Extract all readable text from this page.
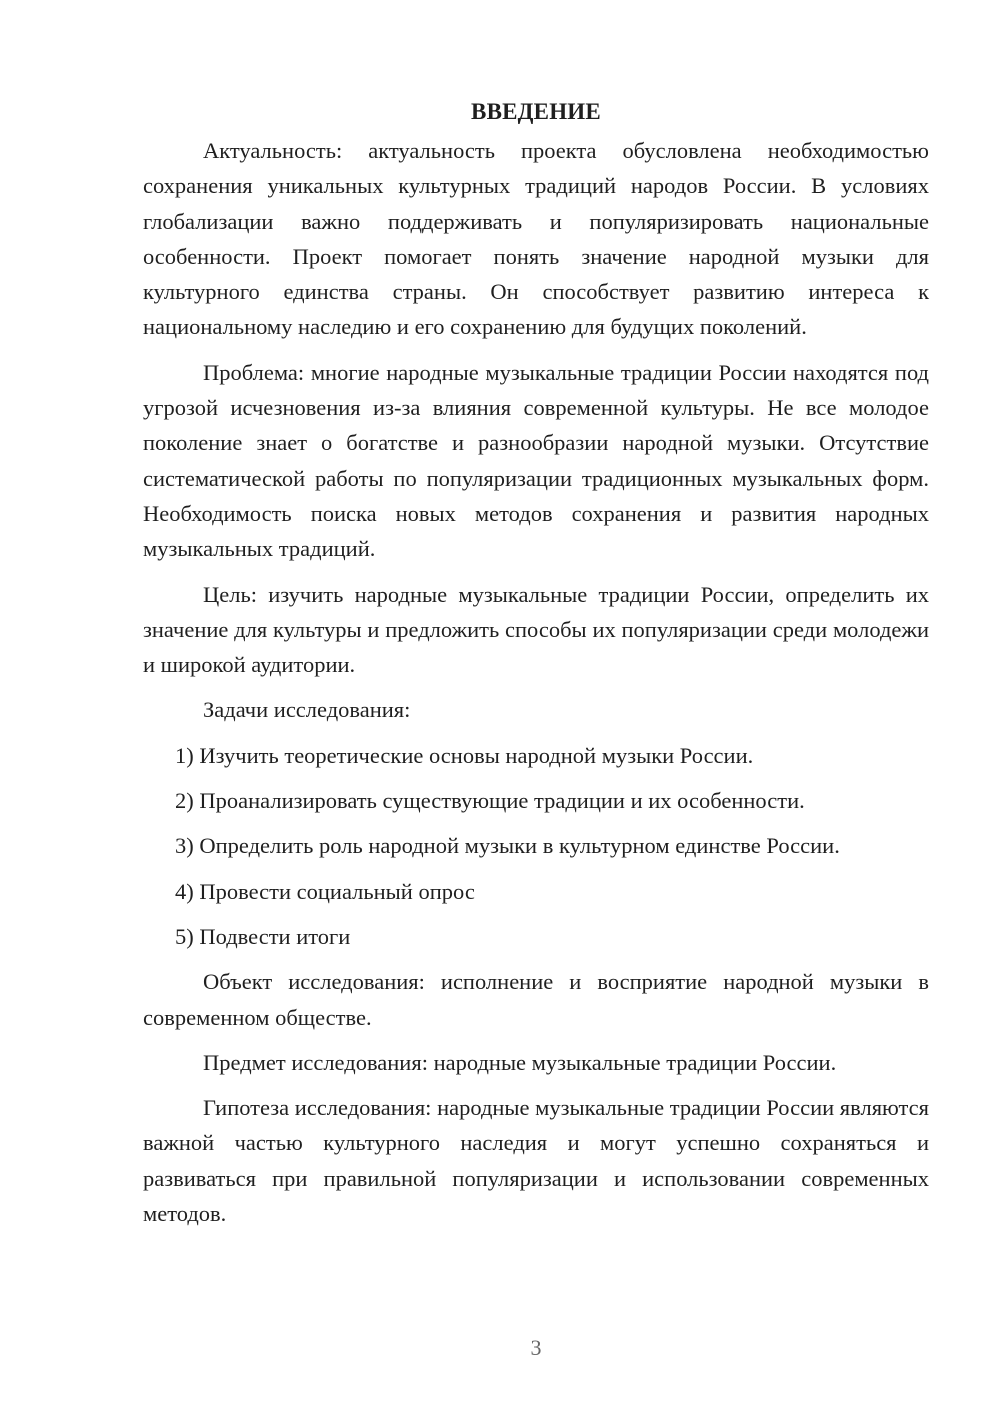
ВВЕДЕНИЕ

Актуальность: актуальность проекта обусловлена необходимостью сохранения уникальных культурных традиций народов России. В условиях глобализации важно поддерживать и популяризировать национальные особенности. Проект помогает понять значение народной музыки для культурного единства страны. Он способствует развитию интереса к национальному наследию и его сохранению для будущих поколений.

Проблема: многие народные музыкальные традиции России находятся под угрозой исчезновения из-за влияния современной культуры. Не все молодое поколение знает о богатстве и разнообразии народной музыки. Отсутствие систематической работы по популяризации традиционных музыкальных форм. Необходимость поиска новых методов сохранения и развития народных музыкальных традиций.

Цель: изучить народные музыкальные традиции России, определить их значение для культуры и предложить способы их популяризации среди молодежи и широкой аудитории.

Задачи исследования:

1 ) Изучить теоретические основы народной музыки России.
2 ) Проанализировать существующие традиции и их особенности.
3 ) Определить роль народной музыки в культурном единстве России.
4 ) Провести социальный опрос
5 ) Подвести итоги

Объект исследования: исполнение и восприятие народной музыки в современном обществе.

Предмет исследования: народные музыкальные традиции России.

Гипотеза исследования: народные музыкальные традиции России являются важной частью культурного наследия и могут успешно сохраняться и развиваться при правильной популяризации и использовании современных методов.

3
